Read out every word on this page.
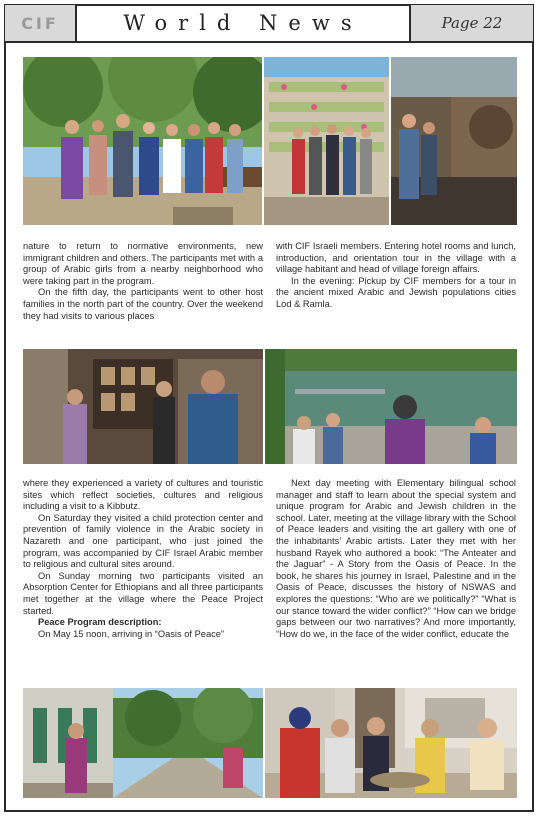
CIF	World News	Page 22

nature to return to normative environments, new immigrant children and others. The participants met with a group of Arabic girls from a nearby neighborhood who were taking part in the program.

On the fifth day, the participants went to other host families in the north part of the country. Over the weekend they had visits to various places

with CIF Israeli members. Entering hotel rooms and lunch, introduction, and orientation tour in the village with a village habitant and head of village foreign affairs.

In the evening: Pickup by CIF members for a tour in the ancient mixed Arabic and Jewish populations cities Lod & Ramla.

where they experienced a variety of cultures and touristic sites which reflect societies, cultures and religious including a visit to a Kibbutz.

On Saturday they visited a child protection center and prevention of family violence in the Arabic society in Nazareth and one participant, who just joined the program, was accompanied by CIF Israel Arabic member to religious and cultural sites around.

On Sunday morning two participants visited an Absorption Center for Ethiopians and all three participants met together at the village where the Peace Project started.

Peace Program description:

On May 15 noon, arriving in “Oasis of Peace”

Next day meeting with Elementary bilingual school manager and staff to learn about the special system and unique program for Arabic and Jewish children in the school. Later, meeting at the village library with the School of Peace leaders and visiting the art gallery with one of the inhabitants’ Arabic artists. Later they met with her husband Rayek who authored a book: “The Anteater and the Jaguar” - A Story from the Oasis of Peace. In the book, he shares his journey in Israel, Palestine and in the Oasis of Peace, discusses the history of NSWAS and explores the questions: “Who are we politically?” “What is our stance toward the wider conflict?” “How can we bridge gaps between our two narratives? And more importantly, “How do we, in the face of the wider conflict, educate the
